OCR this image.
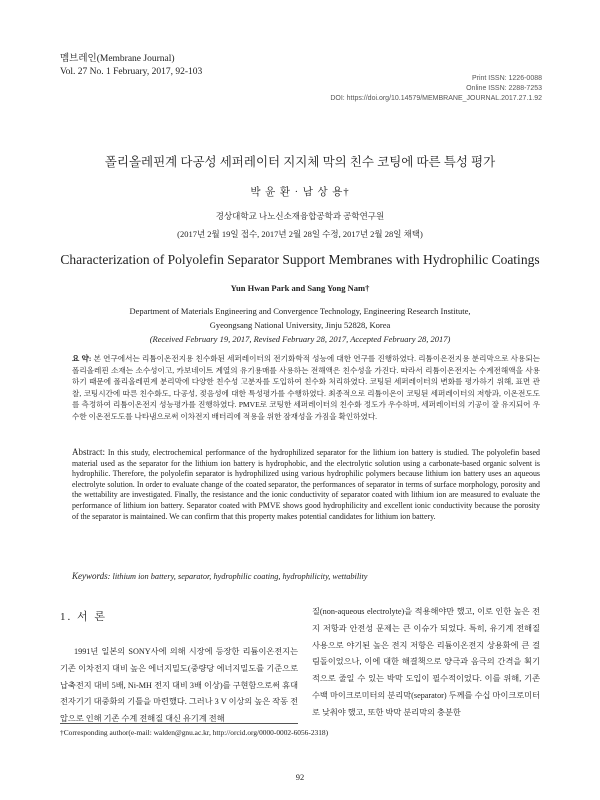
멤브레인(Membrane Journal)
Vol. 27 No. 1 February, 2017, 92-103
Print ISSN: 1226-0088
Online ISSN: 2288-7253
DOI: https://doi.org/10.14579/MEMBRANE_JOURNAL.2017.27.1.92
폴리올레핀계 다공성 세퍼레이터 지지체 막의 친수 코팅에 따른 특성 평가
박 윤 환 · 남 상 용†
경상대학교 나노신소재융합공학과 공학연구원
(2017년 2월 19일 접수, 2017년 2월 28일 수정, 2017년 2월 28일 채택)
Characterization of Polyolefin Separator Support Membranes with Hydrophilic Coatings
Yun Hwan Park and Sang Yong Nam†
Department of Materials Engineering and Convergence Technology, Engineering Research Institute,
Gyeongsang National University, Jinju 52828, Korea
(Received February 19, 2017, Revised February 28, 2017, Accepted February 28, 2017)
요 약: 본 연구에서는 리튬이온전지용 친수화된 세퍼레이터의 전기화학적 성능에 대한 연구를 진행하였다. 리튬이온전지용 분리막으로 사용되는 폴리올레핀 소재는 소수성이고, 카보네이트 계열의 유기용매를 사용하는 전해액은 친수성을 가진다. 따라서 리튬이온전지는 수계전해액을 사용하기 때문에 폴리올레핀계 분리막에 다양한 친수성 고분자를 도입하여 친수화 처리하였다. 코팅된 세퍼레이터의 변화를 평가하기 위해, 표면 관찰, 코팅시간에 따른 친수화도, 다공성, 젖음성에 대한 특성평가를 수행하였다. 최종적으로 리튬이온이 코팅된 세퍼레이터의 저항과, 이온전도도를 측정하여 리튬이온전지 성능평가를 진행하였다. PMVE로 코팅한 세퍼레이터의 친수화 정도가 우수하며, 세퍼레이터의 기공이 잘 유지되어 우수한 이온전도도를 나타냄으로써 이차전지 배터리에 적용을 위한 잠재성을 가짐을 확인하였다.
Abstract: In this study, electrochemical performance of the hydrophilized separator for the lithium ion battery is studied. The polyolefin based material used as the separator for the lithium ion battery is hydrophobic, and the electrolytic solution using a carbonate-based organic solvent is hydrophilic. Therefore, the polyolefin separator is hydrophilized using various hydrophilic polymers because lithium ion battery uses an aqueous electrolyte solution. In order to evaluate change of the coated separator, the performances of separator in terms of surface morphology, porosity and the wettability are investigated. Finally, the resistance and the ionic conductivity of separator coated with lithium ion are measured to evaluate the performance of lithium ion battery. Separator coated with PMVE shows good hydrophilicity and excellent ionic conductivity because the porosity of the separator is maintained. We can confirm that this property makes potential candidates for lithium ion battery.
Keywords: lithium ion battery, separator, hydrophilic coating, hydrophilicity, wettability
1. 서 론
1991년 일본의 SONY사에 의해 시장에 등장한 리튬이온전지는 기존 이차전지 대비 높은 에너지밀도(중량당 에너지밀도를 기준으로 납축전지 대비 5배, Ni-MH 전지 대비 3배 이상)를 구현함으로써 휴대전자기기 대중화의 기틀을 마련했다. 그러나 3 V 이상의 높은 작동 전압으로 인해 기존 수계 전해질 대신 유기계 전해
질(non-aqueous electrolyte)을 적용해야만 했고, 이로 인한 높은 전지 저항과 안전성 문제는 큰 이슈가 되었다. 특히, 유기계 전해질 사용으로 야기된 높은 전지 저항은 리튬이온전지 상용화에 큰 걸림돌이었으나, 이에 대한 해결책으로 양극과 음극의 간격을 획기적으로 줄일 수 있는 박막 도입이 필수적이었다. 이를 위해, 기존 수백 마이크로미터의 분리막(separator) 두께를 수십 마이크로미터로 낮춰야 했고, 또한 박막 분리막의 충분한
†Corresponding author(e-mail: walden@gnu.ac.kr, http://orcid.org/0000-0002-6056-2318)
92
